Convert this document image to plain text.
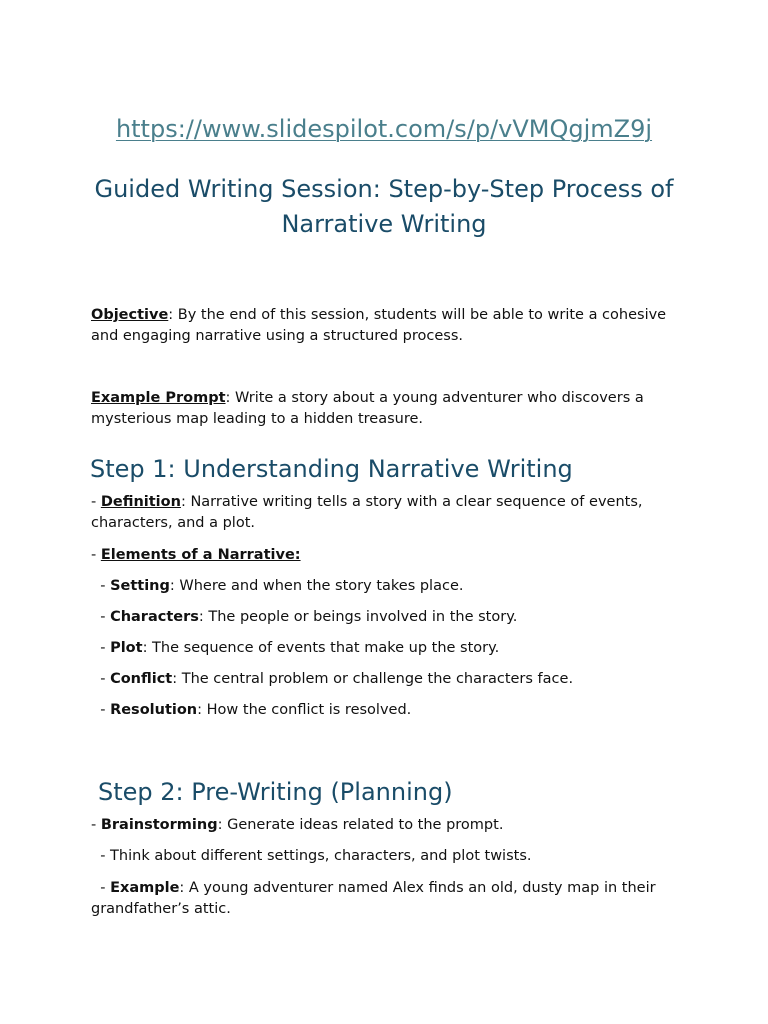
https://www.slidespilot.com/s/p/vVMQgjmZ9j
Guided Writing Session: Step-by-Step Process of Narrative Writing

Objective: By the end of this session, students will be able to write a cohesive and engaging narrative using a structured process.

Example Prompt: Write a story about a young adventurer who discovers a mysterious map leading to a hidden treasure.

Step 1: Understanding Narrative Writing

- Definition: Narrative writing tells a story with a clear sequence of events, characters, and a plot.

- Elements of a Narrative:

- Setting: Where and when the story takes place.

- Characters: The people or beings involved in the story.

- Plot: The sequence of events that make up the story.

- Conflict: The central problem or challenge the characters face.

- Resolution: How the conflict is resolved.

Step 2: Pre-Writing (Planning)

- Brainstorming: Generate ideas related to the prompt.

- Think about different settings, characters, and plot twists.

- Example: A young adventurer named Alex finds an old, dusty map in their grandfather’s attic.
